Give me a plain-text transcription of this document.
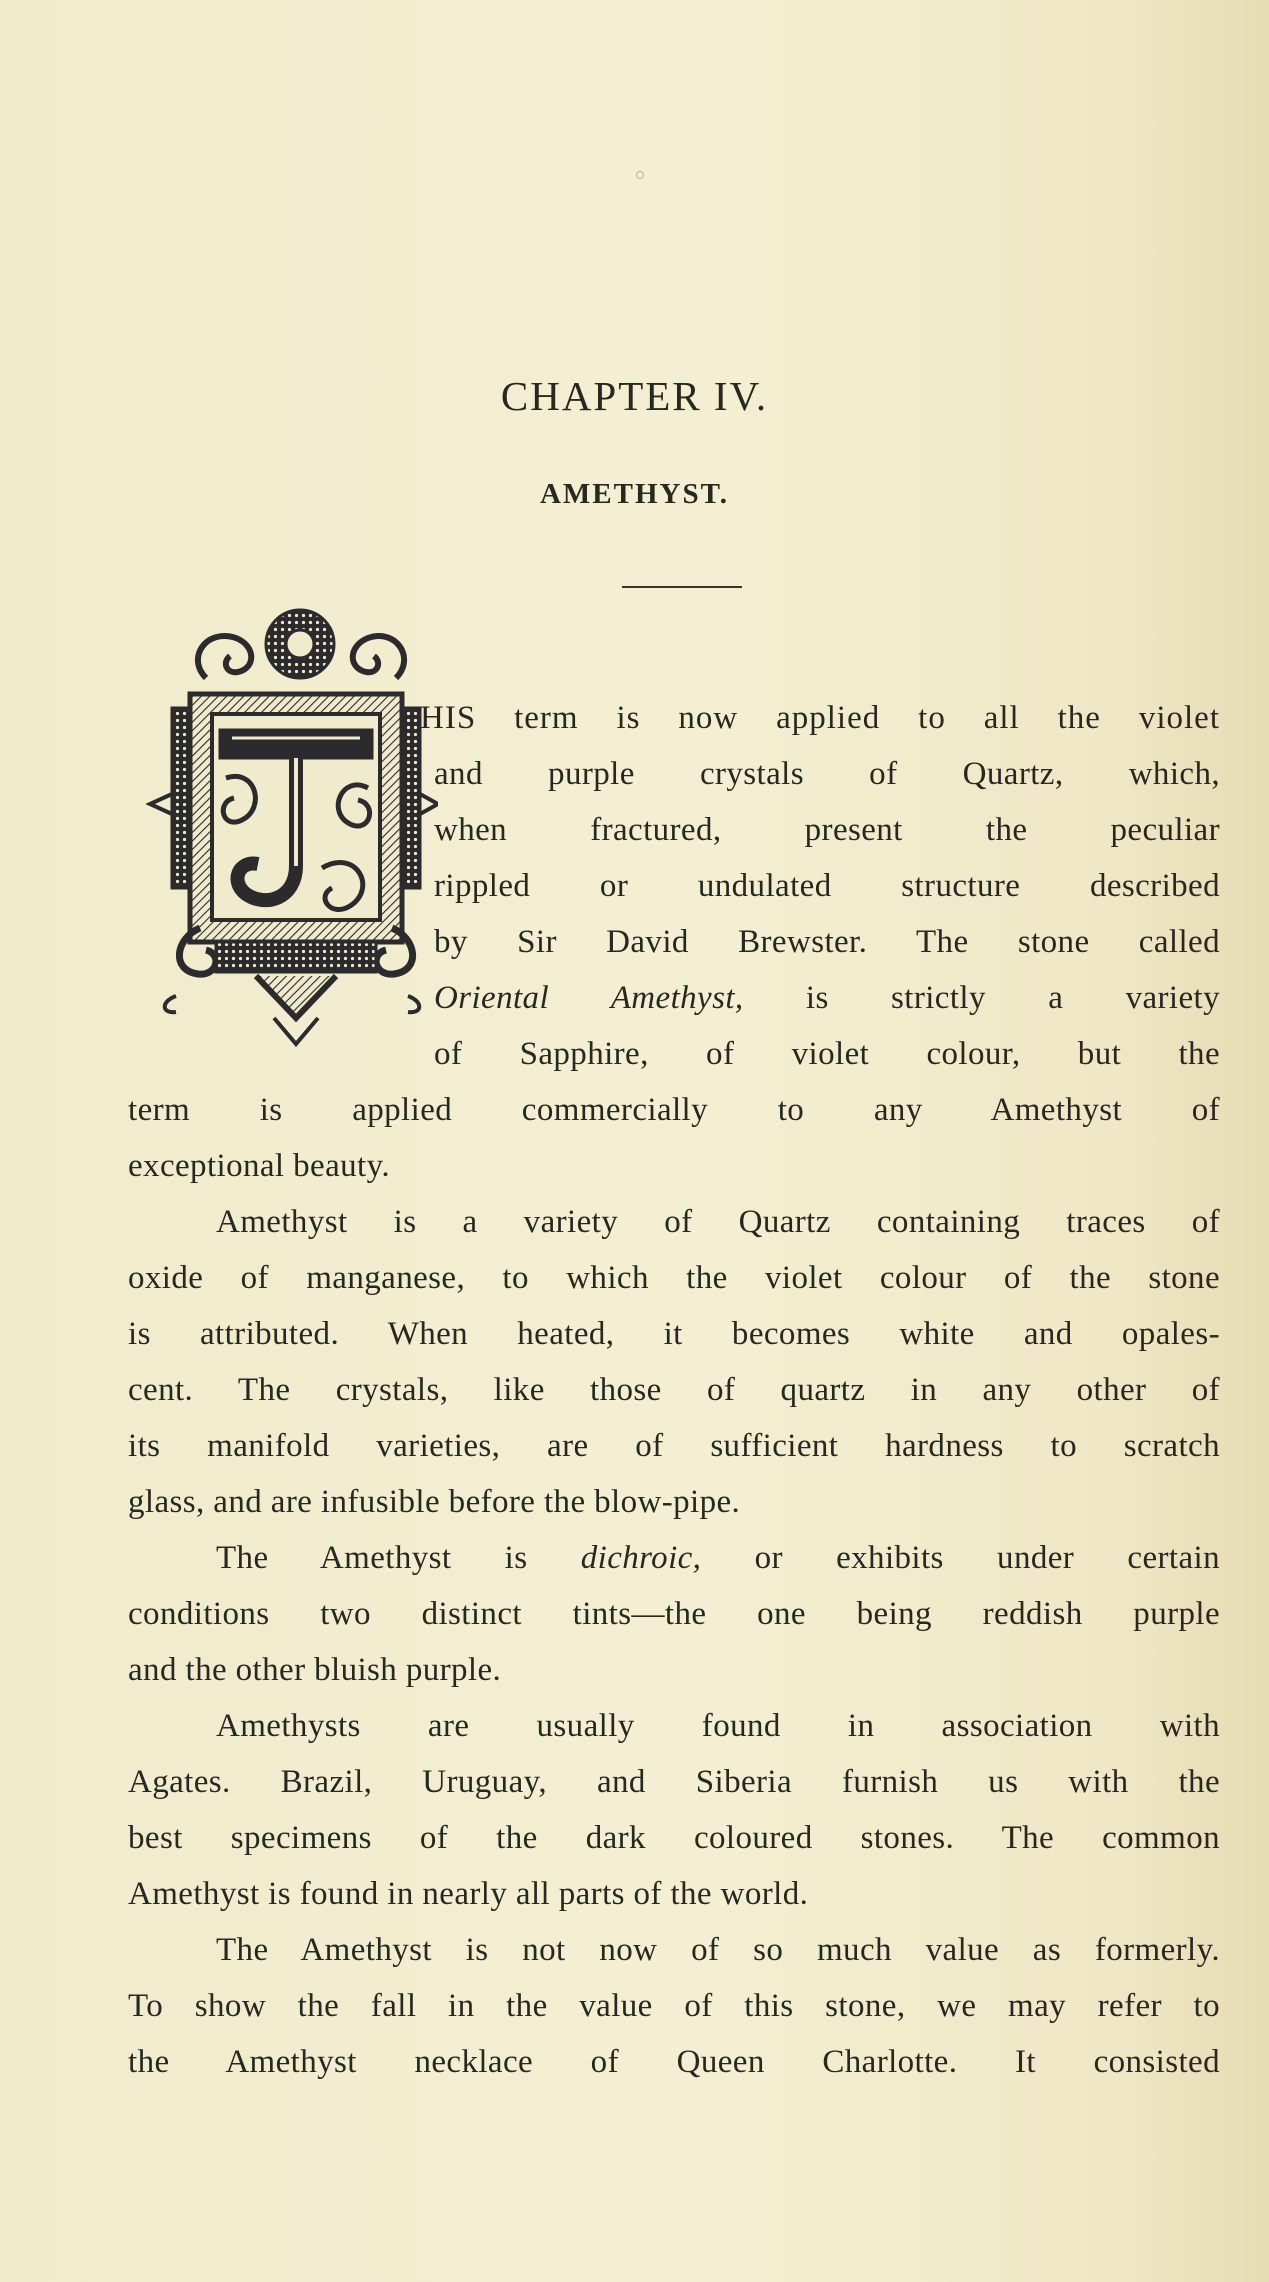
CHAPTER IV.
AMETHYST.
HIS term is now applied to all the violet
and purple crystals of Quartz, which,
when fractured, present the peculiar
rippled or undulated structure described
by Sir David Brewster. The stone called
Oriental Amethyst, is strictly a variety
of Sapphire, of violet colour, but the
term is applied commercially to any Amethyst of
exceptional beauty.
Amethyst is a variety of Quartz containing traces of
oxide of manganese, to which the violet colour of the stone
is attributed. When heated, it becomes white and opales-
cent. The crystals, like those of quartz in any other of
its manifold varieties, are of sufficient hardness to scratch
glass, and are infusible before the blow-pipe.
The Amethyst is dichroic, or exhibits under certain
conditions two distinct tints—the one being reddish purple
and the other bluish purple.
Amethysts are usually found in association with
Agates. Brazil, Uruguay, and Siberia furnish us with the
best specimens of the dark coloured stones. The common
Amethyst is found in nearly all parts of the world.
The Amethyst is not now of so much value as formerly.
To show the fall in the value of this stone, we may refer to
the Amethyst necklace of Queen Charlotte. It consisted
